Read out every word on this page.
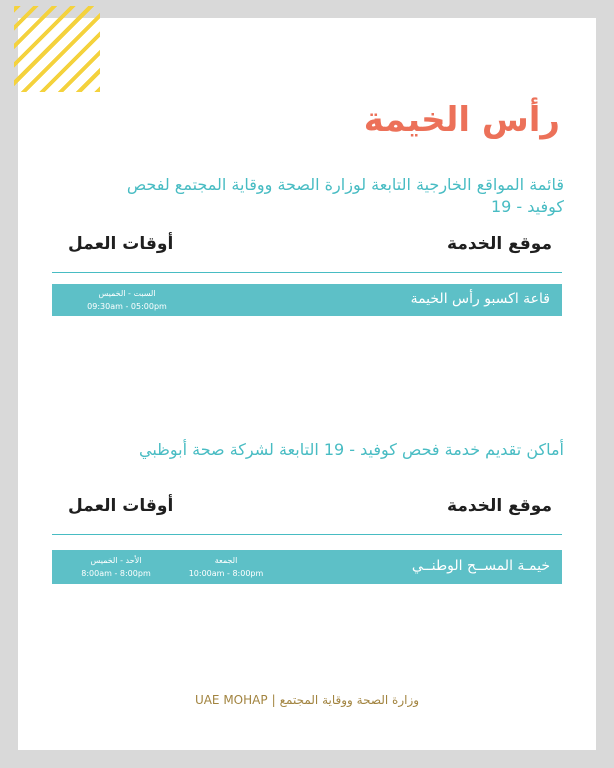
رأس الخيمة
قائمة المواقع الخارجية التابعة لوزارة الصحة ووقاية المجتمع لفحص كوفيد - 19
موقع الخدمة
أوقات العمل
قاعة اكسبو رأس الخيمة
السبت - الخميس
09:30am - 05:00pm
أماكن تقديم خدمة فحص كوفيد - 19 التابعة لشركة صحة أبوظبي
موقع الخدمة
أوقات العمل
خيمـة المســح الوطنــي
الأحد - الخميس
8:00am - 8:00pm
الجمعة
10:00am - 8:00pm
UAE MOHAP | وزارة الصحة ووقاية المجتمع
